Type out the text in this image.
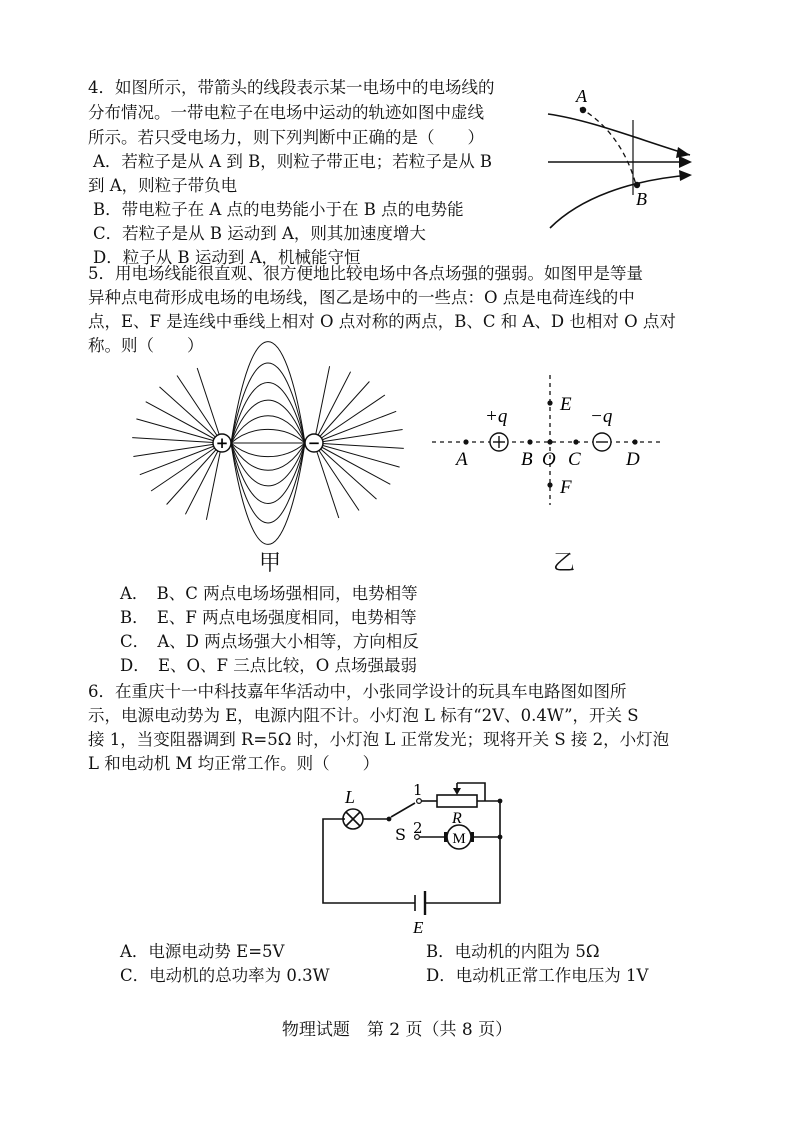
4．如图所示，带箭头的线段表示某一电场中的电场线的
分布情况。一带电粒子在电场中运动的轨迹如图中虚线
所示。若只受电场力，则下列判断中正确的是（　　）
A．若粒子是从 A 到 B，则粒子带正电；若粒子是从 B
到 A，则粒子带负电
B．带电粒子在 A 点的电势能小于在 B 点的电势能
C．若粒子是从 B 运动到 A，则其加速度增大
D．粒子从 B 运动到 A，机械能守恒
A
B
5．用电场线能很直观、很方便地比较电场中各点场强的强弱。如图甲是等量
异种点电荷形成电场的电场线，图乙是场中的一些点：O 点是电荷连线的中
点，E、F 是连线中垂线上相对 O 点对称的两点，B、C 和 A、D 也相对 O 点对
称。则（　　）
+	−
甲
E
F
A	B O C D
+q	−q
乙
A．　B、C 两点电场场强相同，电势相等
B．　E、F 两点电场强度相同，电势相等
C．　A、D 两点场强大小相等，方向相反
D．　E、O、F 三点比较，O 点场强最弱
6．在重庆十一中科技嘉年华活动中，小张同学设计的玩具车电路图如图所
示，电源电动势为 E，电源内阻不计。小灯泡 L 标有“2V、0.4W”，开关 S
接 1，当变阻器调到 R=5Ω 时，小灯泡 L 正常发光；现将开关 S 接 2，小灯泡
L 和电动机 M 均正常工作。则（　　）
L
S
1
2
R
M
E
A．电源电动势 E=5V	B．电动机的内阻为 5Ω
C．电动机的总功率为 0.3W	D．电动机正常工作电压为 1V
物理试题　第 2 页（共 8 页）
